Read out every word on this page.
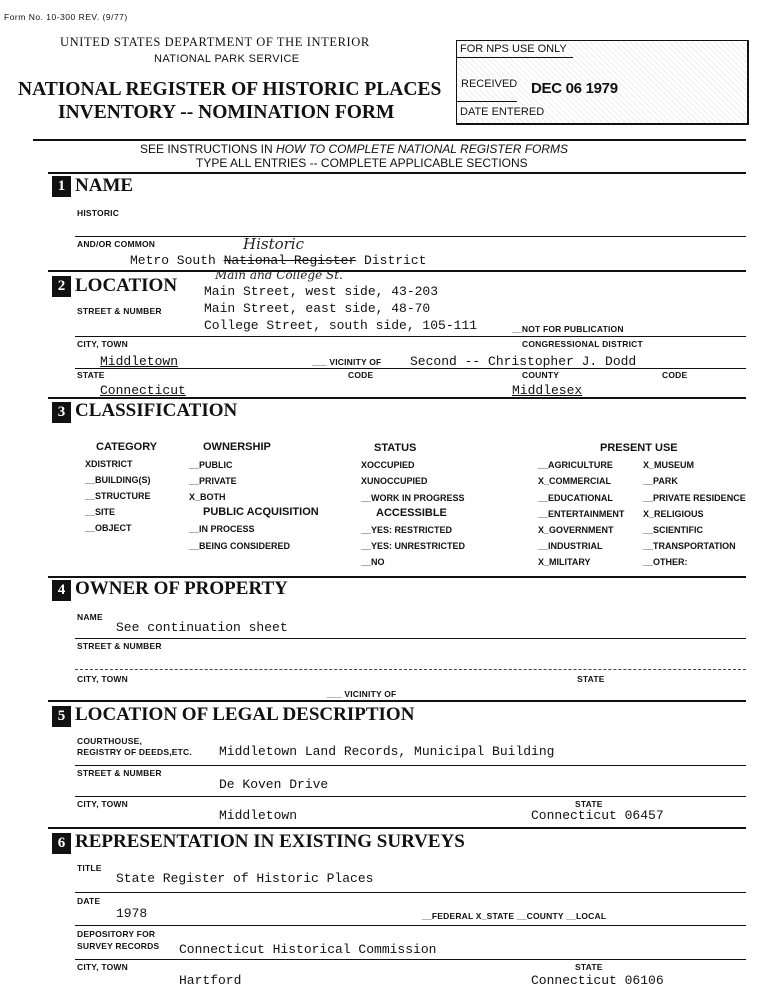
Form No. 10-300 REV. (9/77)
UNITED STATES DEPARTMENT OF THE INTERIOR
NATIONAL PARK SERVICE
NATIONAL REGISTER OF HISTORIC PLACES
INVENTORY -- NOMINATION FORM
FOR NPS USE ONLY
RECEIVED DEC 06 1979
DATE ENTERED
SEE INSTRUCTIONS IN HOW TO COMPLETE NATIONAL REGISTER FORMS
TYPE ALL ENTRIES -- COMPLETE APPLICABLE SECTIONS
1 NAME
HISTORIC
AND/OR COMMON	Historic
Metro South National Register District
2 LOCATION	Main and College St.
STREET & NUMBER
Main Street, west side, 43-203
Main Street, east side, 48-70
College Street, south side, 105-111	__NOT FOR PUBLICATION
CITY, TOWN	CONGRESSIONAL DISTRICT
Middletown	___ VICINITY OF Second -- Christopher J. Dodd
STATE	CODE	COUNTY	CODE
Connecticut	Middlesex
3 CLASSIFICATION
CATEGORY
XDISTRICT
__BUILDING(S)
__STRUCTURE
__SITE
__OBJECT
OWNERSHIP
__PUBLIC
__PRIVATE
X_BOTH
PUBLIC ACQUISITION
__IN PROCESS
__BEING CONSIDERED
STATUS
XOCCUPIED
XUNOCCUPIED
__WORK IN PROGRESS
ACCESSIBLE
__YES: RESTRICTED
__YES: UNRESTRICTED
__NO
PRESENT USE
__AGRICULTURE
X_COMMERCIAL
__EDUCATIONAL
__ENTERTAINMENT
X_GOVERNMENT
__INDUSTRIAL
X_MILITARY
X_MUSEUM
__PARK
__PRIVATE RESIDENCE
X_RELIGIOUS
__SCIENTIFIC
__TRANSPORTATION
__OTHER:
4 OWNER OF PROPERTY
NAME
See continuation sheet
STREET & NUMBER
CITY, TOWN	STATE
___ VICINITY OF
5 LOCATION OF LEGAL DESCRIPTION
COURTHOUSE,
REGISTRY OF DEEDS,ETC. Middletown Land Records, Municipal Building
STREET & NUMBER
De Koven Drive
CITY, TOWN	STATE
Middletown	Connecticut 06457
6 REPRESENTATION IN EXISTING SURVEYS
TITLE
State Register of Historic Places
DATE
1978	__FEDERAL X_STATE __COUNTY __LOCAL
DEPOSITORY FOR
SURVEY RECORDS Connecticut Historical Commission
CITY, TOWN	STATE
Hartford	Connecticut 06106
